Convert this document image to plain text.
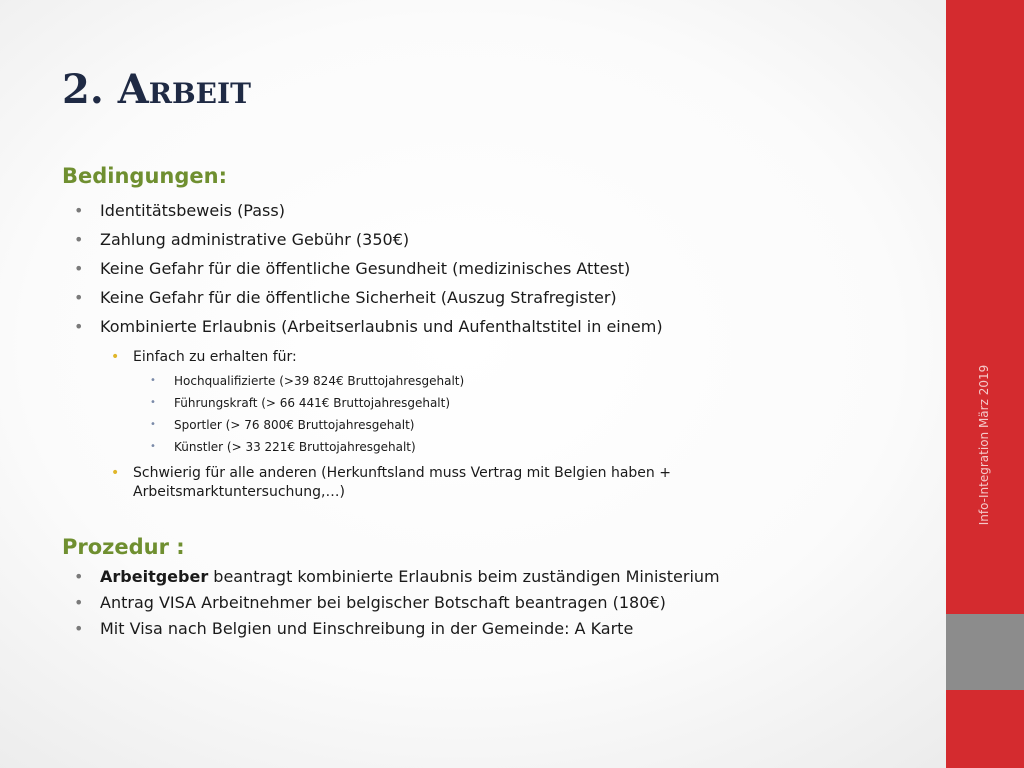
2. Arbeit
Bedingungen:
• Identitätsbeweis (Pass)
• Zahlung administrative Gebühr (350€)
• Keine Gefahr für die öffentliche Gesundheit (medizinisches Attest)
• Keine Gefahr für die öffentliche Sicherheit (Auszug Strafregister)
• Kombinierte Erlaubnis (Arbeitserlaubnis und Aufenthaltstitel in einem)
• Einfach zu erhalten für:
• Hochqualifizierte (>39 824€ Bruttojahresgehalt)
• Führungskraft (> 66 441€ Bruttojahresgehalt)
• Sportler (> 76 800€ Bruttojahresgehalt)
• Künstler (> 33 221€ Bruttojahresgehalt)
• Schwierig für alle anderen (Herkunftsland muss Vertrag mit Belgien haben +
Arbeitsmarktuntersuchung,…)
Prozedur :
• Arbeitgeber beantragt kombinierte Erlaubnis beim zuständigen Ministerium
• Antrag VISA Arbeitnehmer bei belgischer Botschaft beantragen (180€)
• Mit Visa nach Belgien und Einschreibung in der Gemeinde: A Karte
Info-Integration März 2019
